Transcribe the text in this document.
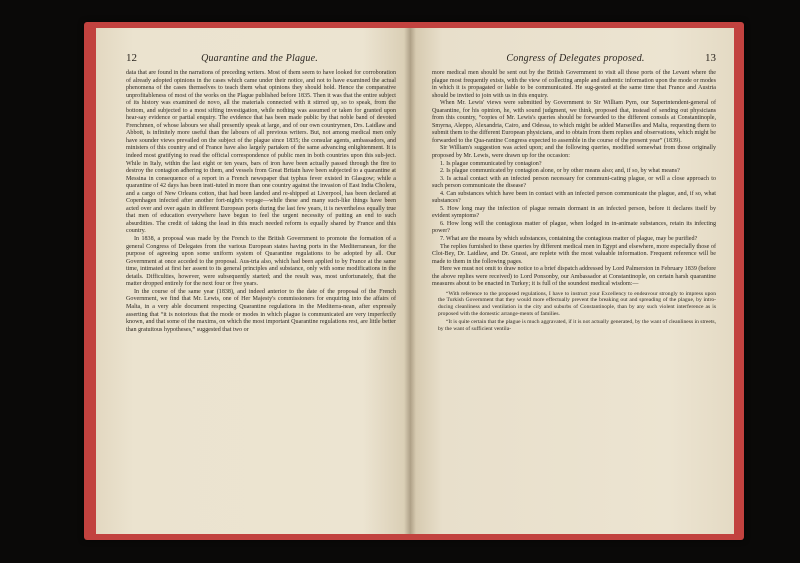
12	Quarantine and the Plague.

data that are found in the narrations of preceding writers. Most of them seem to have looked for corroboration of already adopted opinions in the cases which came under their notice, and not to have examined the actual phenomena of the cases themselves to teach them what opinions they should hold. Hence the comparative unprofitableness of most of the works on the Plague published before 1835. Then it was that the entire subject of its history was examined de novo, all the materials connected with it stirred up, so to speak, from the bottom, and subjected to a most sifting investigation, while nothing was assumed or taken for granted upon hear-say evidence or partial enquiry. The evidence that has been made public by that noble band of devoted Frenchmen, of whose labours we shall presently speak at large, and of our own countrymen, Drs. Laidlaw and Abbott, is infinitely more useful than the labours of all previous writers. But, not among medical men only have sounder views prevailed on the subject of the plague since 1835; the consular agents, ambassadors, and ministers of this country and of France have also largely partaken of the same advancing enlightenment. It is indeed most gratifying to read the official correspondence of public men in both countries upon this sub-ject. While in Italy, within the last eight or ten years, bars of iron have been actually passed through the fire to destroy the contagion adhering to them, and vessels from Great Britain have been subjected to a quarantine at Messina in consequence of a report in a French newspaper that typhus fever existed in Glasgow; while a quarantine of 42 days has been insti-tuted in more than one country against the invasion of East India Cholera, and a cargo of New Orleans cotton, that had been landed and re-shipped at Liverpool, has been declared at Copenhagen infected after another fort-night's voyage—while these and many such-like things have been acted over and over again in different European ports during the last few years, it is nevertheless equally true that men of education everywhere have begun to feel the urgent necessity of putting an end to such absurdities. The credit of taking the lead in this much needed reform is equally shared by France and this country.

In 1838, a proposal was made by the French to the British Government to promote the formation of a general Congress of Delegates from the various European states having ports in the Mediterranean, for the purpose of agreeing upon some uniform system of Quarantine regulations to be adopted by all. Our Government at once acceded to the proposal. Aus-tria also, which had been applied to by France at the same time, intimated at first her assent to its general principles and substance, only with some modifications in the details. Difficulties, however, were subsequently started; and the result was, most unfortunately, that the matter dropped entirely for the next four or five years.

In the course of the same year (1838), and indeed anterior to the date of the proposal of the French Government, we find that Mr. Lewis, one of Her Majesty's commissioners for enquiring into the affairs of Malta, in a very able document respecting Quarantine regulations in the Mediterra-nean, after expressly asserting that “it is notorious that the mode or modes in which plague is communicated are very imperfectly known, and that some of the maxims, on which the most important Quarantine regulations rest, are little better than gratuitous hypotheses,” suggested that two or

Congress of Delegates proposed.	13

more medical men should be sent out by the British Government to visit all those ports of the Levant where the plague most frequently exists, with the view of collecting ample and authentic information upon the mode or modes in which it is propagated or liable to be communicated. He sug-gested at the same time that France and Austria should be invited to join with us in this enquiry.

When Mr. Lewis' views were submitted by Government to Sir William Pym, our Superintendent-general of Quarantine, for his opinion, he, with sound judgment, we think, proposed that, instead of sending out physicians from this country, “copies of Mr. Lewis's queries should be forwarded to the different consuls at Constantinople, Smyrna, Aleppo, Alexandria, Cairo, and Odessa, to which might be added Marseilles and Malta, requesting them to submit them to the different European physicians, and to obtain from them replies and observations, which might be forwarded to the Qua-rantine Congress expected to assemble in the course of the present year” (1839).

Sir William's suggestion was acted upon; and the following queries, modified somewhat from those originally proposed by Mr. Lewis, were drawn up for the occasion:

1. Is plague communicated by contagion?

2. Is plague communicated by contagion alone, or by other means also; and, if so, by what means?

3. Is actual contact with an infected person necessary for communi-cating plague, or will a close approach to such person communicate the disease?

4. Can substances which have been in contact with an infected person communicate the plague, and, if so, what substances?

5. How long may the infection of plague remain dormant in an infected person, before it declares itself by evident symptoms?

6. How long will the contagious matter of plague, when lodged in in-animate substances, retain its infecting power?

7. What are the means by which substances, containing the contagious matter of plague, may be purified?

The replies furnished to these queries by different medical men in Egypt and elsewhere, more especially those of Clot-Bey, Dr. Laidlaw, and Dr. Grassi, are replete with the most valuable information. Frequent reference will be made to them in the following pages.

Here we must not omit to draw notice to a brief dispatch addressed by Lord Palmerston in February 1839 (before the above replies were received) to Lord Ponsonby, our Ambassador at Constantinople, on certain harsh quarantine measures about to be enacted in Turkey; it is full of the soundest medical wisdom:—

“With reference to the proposed regulations, I have to instruct your Excellency to endeavour strongly to impress upon the Turkish Government that they would more effectually prevent the breaking out and spreading of the plague, by intro-ducing cleanliness and ventilation in the city and suburbs of Constantinople, than by any such violent interference as is proposed with the domestic arrange-ments of families.

“It is quite certain that the plague is much aggravated, if it is not actually generated, by the want of cleanliness in streets, by the want of sufficient ventila-
